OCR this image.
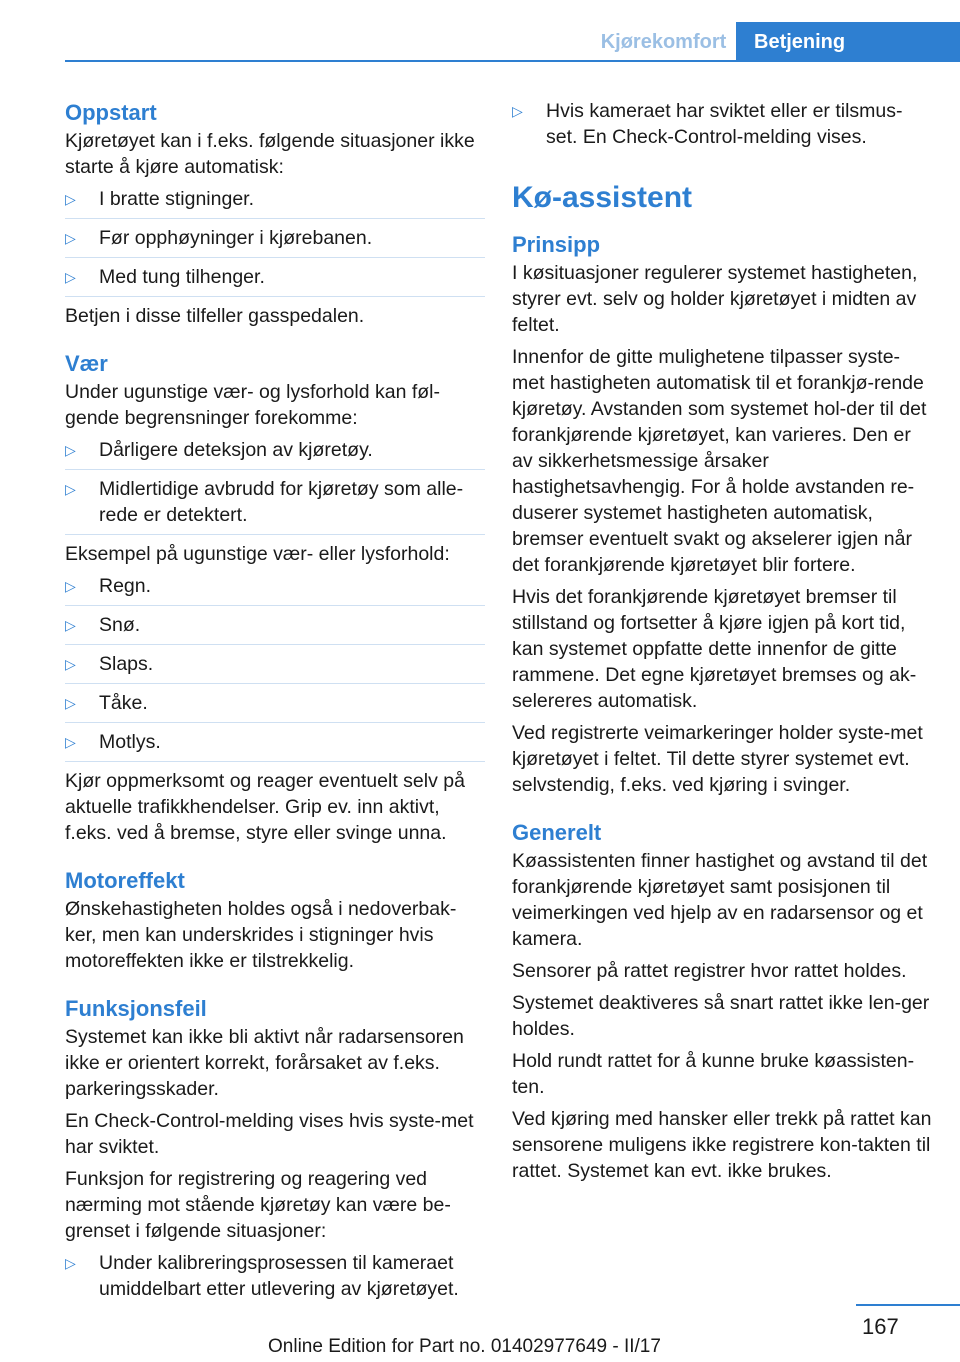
Kjørekomfort	Betjening
Oppstart

Kjøretøyet kan i f.eks. følgende situasjoner ikke starte å kjøre automatisk:

▷ I bratte stigninger.
▷ Før opphøyninger i kjørebanen.
▷ Med tung tilhenger.

Betjen i disse tilfeller gasspedalen.

Vær

Under ugunstige vær- og lysforhold kan føl‐gende begrensninger forekomme:

▷ Dårligere deteksjon av kjøretøy.
▷ Midlertidige avbrudd for kjøretøy som alle‐rede er detektert.

Eksempel på ugunstige vær- eller lysforhold:

▷ Regn.
▷ Snø.
▷ Slaps.
▷ Tåke.
▷ Motlys.

Kjør oppmerksomt og reager eventuelt selv på aktuelle trafikkhendelser. Grip ev. inn aktivt, f.eks. ved å bremse, styre eller svinge unna.

Motoreffekt

Ønskehastigheten holdes også i nedoverbak‐ker, men kan underskrides i stigninger hvis motoreffekten ikke er tilstrekkelig.

Funksjonsfeil

Systemet kan ikke bli aktivt når radarsensoren ikke er orientert korrekt, forårsaket av f.eks. parkeringsskader.

En Check-Control-melding vises hvis syste‐met har sviktet.

Funksjon for registrering og reagering ved nærming mot stående kjøretøy kan være be‐grenset i følgende situasjoner:

▷ Under kalibreringsprosessen til kameraet umiddelbart etter utlevering av kjøretøyet.
▷ Hvis kameraet har sviktet eller er tilsmus‐set. En Check-Control-melding vises.
Kø-assistent
Prinsipp

I køsituasjoner regulerer systemet hastigheten, styrer evt. selv og holder kjøretøyet i midten av feltet.

Innenfor de gitte mulighetene tilpasser syste‐met hastigheten automatisk til et forankjø‐rende kjøretøy. Avstanden som systemet hol‐der til det forankjørende kjøretøyet, kan varieres. Den er av sikkerhetsmessige årsaker hastighetsavhengig. For å holde avstanden re‐duserer systemet hastigheten automatisk, bremser eventuelt svakt og akselerer igjen når det forankjørende kjøretøyet blir fortere.

Hvis det forankjørende kjøretøyet bremser til stillstand og fortsetter å kjøre igjen på kort tid, kan systemet oppfatte dette innenfor de gitte rammene. Det egne kjøretøyet bremses og ak‐selereres automatisk.

Ved registrerte veimarkeringer holder syste‐met kjøretøyet i feltet. Til dette styrer systemet evt. selvstendig, f.eks. ved kjøring i svinger.

Generelt

Køassistenten finner hastighet og avstand til det forankjørende kjøretøyet samt posisjonen til veimerkingen ved hjelp av en radarsensor og et kamera.

Sensorer på rattet registrer hvor rattet holdes.

Systemet deaktiveres så snart rattet ikke len‐ger holdes.

Hold rundt rattet for å kunne bruke køassisten‐ten.

Ved kjøring med hansker eller trekk på rattet kan sensorene muligens ikke registrere kon‐takten til rattet. Systemet kan evt. ikke brukes.

167
Online Edition for Part no. 01402977649 - II/17
